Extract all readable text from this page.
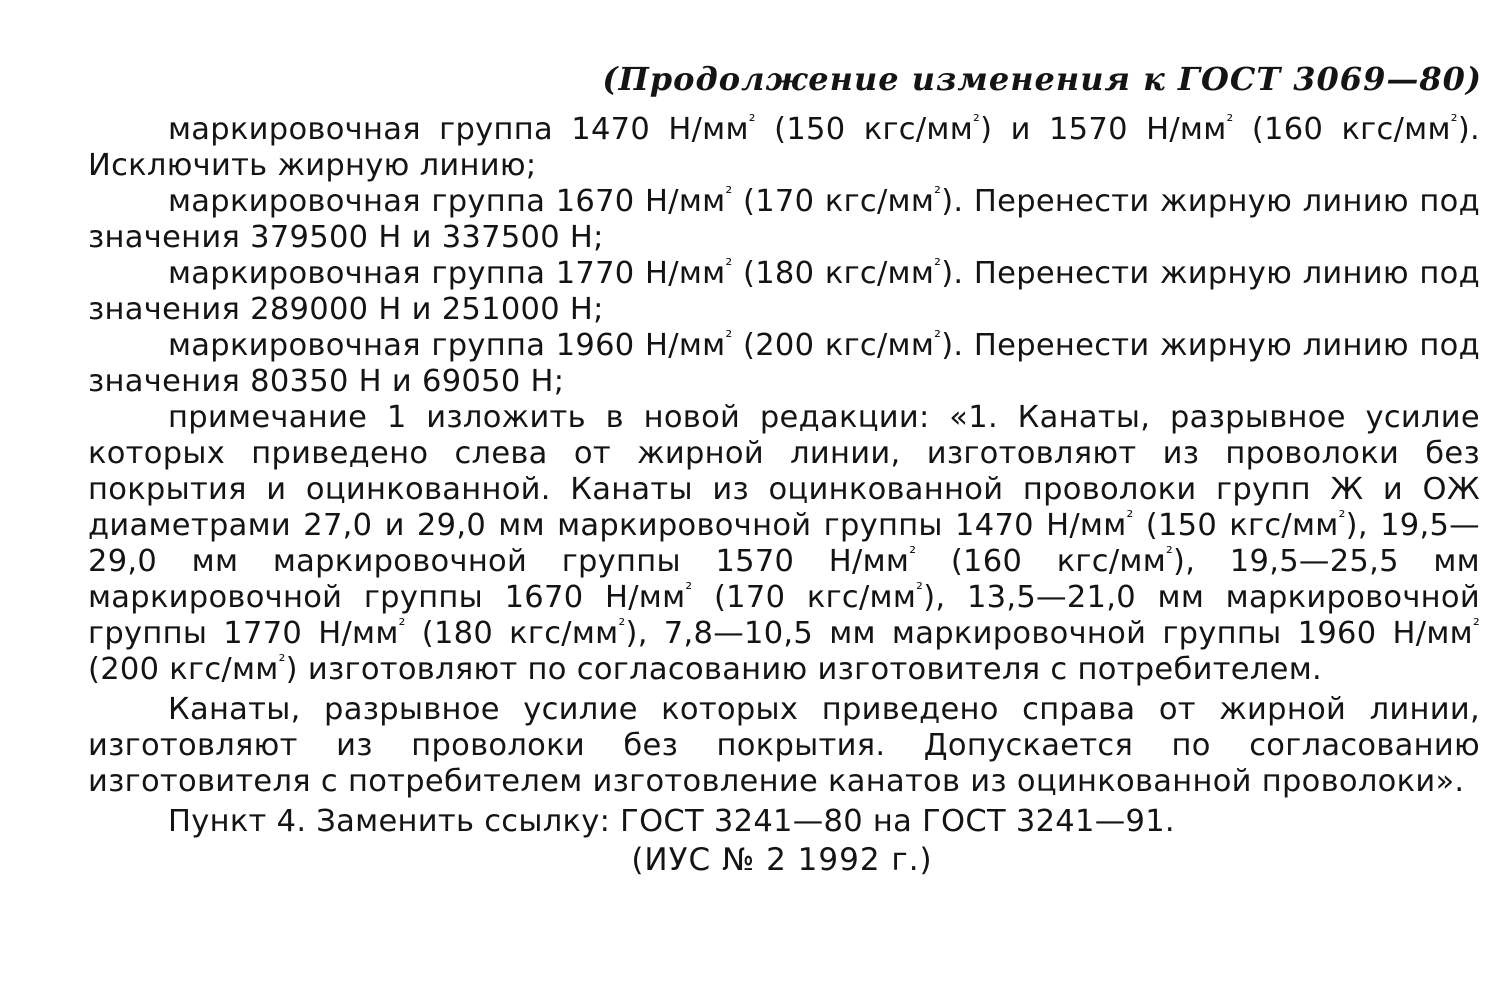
(Продолжение изменения к ГОСТ 3069—80)

маркировочная группа 1470 $Н/мм^{^2}$ (150 кгс/$мм^{^2}$) и 1570 $Н/мм^{^2}$ (160 кгс/$мм^{^2}$). Исключить жирную линию;

маркировочная группа 1670 $Н/мм^{^2}$ (170 кгс/$мм^{^2}$). Перенести жирную линию под значения 379500 Н и 337500 Н;

маркировочная группа 1770 $Н/мм^{^2}$ (180 кгс/$мм^{^2}$). Перенести жирную линию под значения 289000 Н и 251000 Н;

маркировочная группа 1960 $Н/мм^{^2}$ (200 кгс/$мм^{^2}$). Перенести жирную линию под значения 80350 Н и 69050 Н;

примечание 1 изложить в новой редакции: «1. Канаты, разрывное усилие которых приведено слева от жирной линии, изготовляют из проволоки без покрытия и оцинкованной. Канаты из оцинкованной проволоки групп Ж и ОЖ диаметрами 27,0 и 29,0 мм маркировочной группы 1470 $Н/мм^{^2}$ (150 кгс/$мм^{^2}$), 19,5—29,0 мм маркировочной группы 1570 $Н/мм^{^2}$ (160 кгс/$мм^{^2}$), 19,5—25,5 мм маркировочной группы 1670 $Н/мм^{^2}$ (170 кгс/$мм^{^2}$), 13,5—21,0 мм маркировочной группы 1770 $Н/мм^{^2}$ (180 кгс/$мм^{^2}$), 7,8—10,5 мм маркировочной группы 1960 $Н/мм^{^2}$ (200 кгс/$мм^{^2}$) изготовляют по согласованию изготовителя с потребителем.

Канаты, разрывное усилие которых приведено справа от жирной линии, изготовляют из проволоки без покрытия. Допускается по согласованию изготовителя с потребителем изготовление канатов из оцинкованной проволоки».

Пункт 4. Заменить ссылку: ГОСТ 3241—80 на ГОСТ 3241—91.

(ИУС № 2 1992 г.)
